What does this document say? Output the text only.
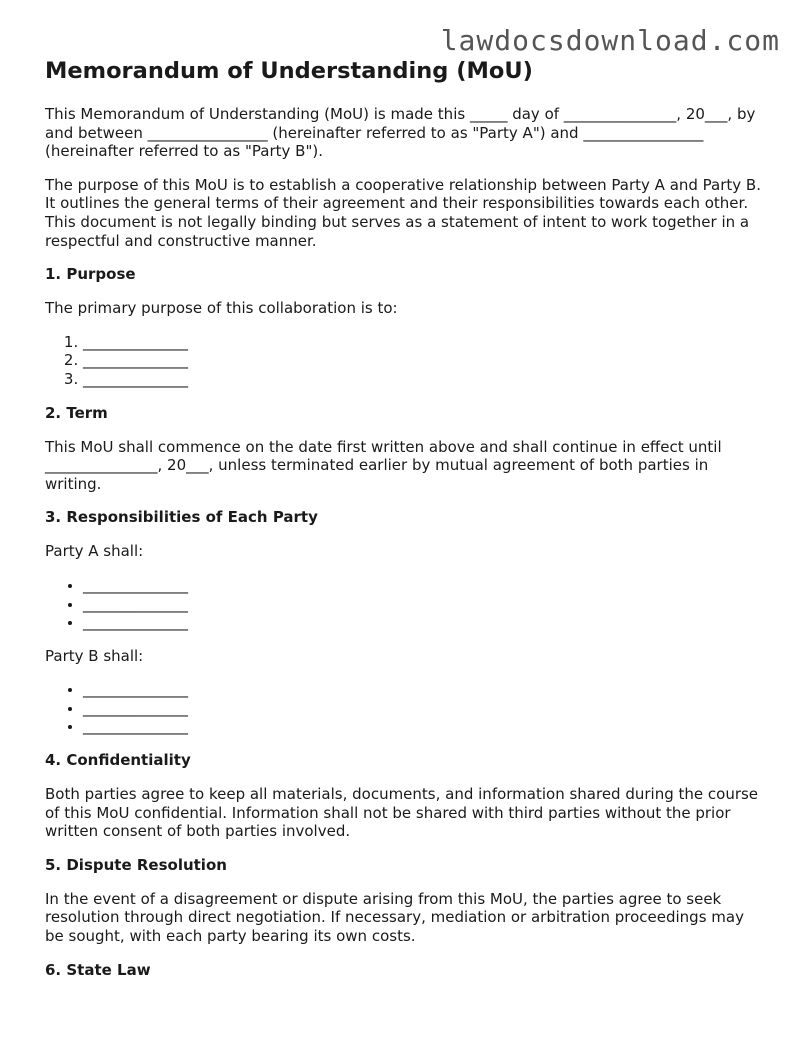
lawdocsdownload.com
Memorandum of Understanding (MoU)

This Memorandum of Understanding (MoU) is made this _____ day of _______________, 20___, by and between ________________ (hereinafter referred to as "Party A") and ________________ (hereinafter referred to as "Party B").

The purpose of this MoU is to establish a cooperative relationship between Party A and Party B. It outlines the general terms of their agreement and their responsibilities towards each other. This document is not legally binding but serves as a statement of intent to work together in a respectful and constructive manner.

1. Purpose

The primary purpose of this collaboration is to:

1. ______________
2. ______________
3. ______________
2. Term

This MoU shall commence on the date first written above and shall continue in effect until _______________, 20___, unless terminated earlier by mutual agreement of both parties in writing.

3. Responsibilities of Each Party

Party A shall:

• ______________
• ______________
• ______________

Party B shall:

• ______________
• ______________
• ______________
4. Confidentiality

Both parties agree to keep all materials, documents, and information shared during the course of this MoU confidential. Information shall not be shared with third parties without the prior written consent of both parties involved.

5. Dispute Resolution

In the event of a disagreement or dispute arising from this MoU, the parties agree to seek resolution through direct negotiation. If necessary, mediation or arbitration proceedings may be sought, with each party bearing its own costs.

6. State Law
